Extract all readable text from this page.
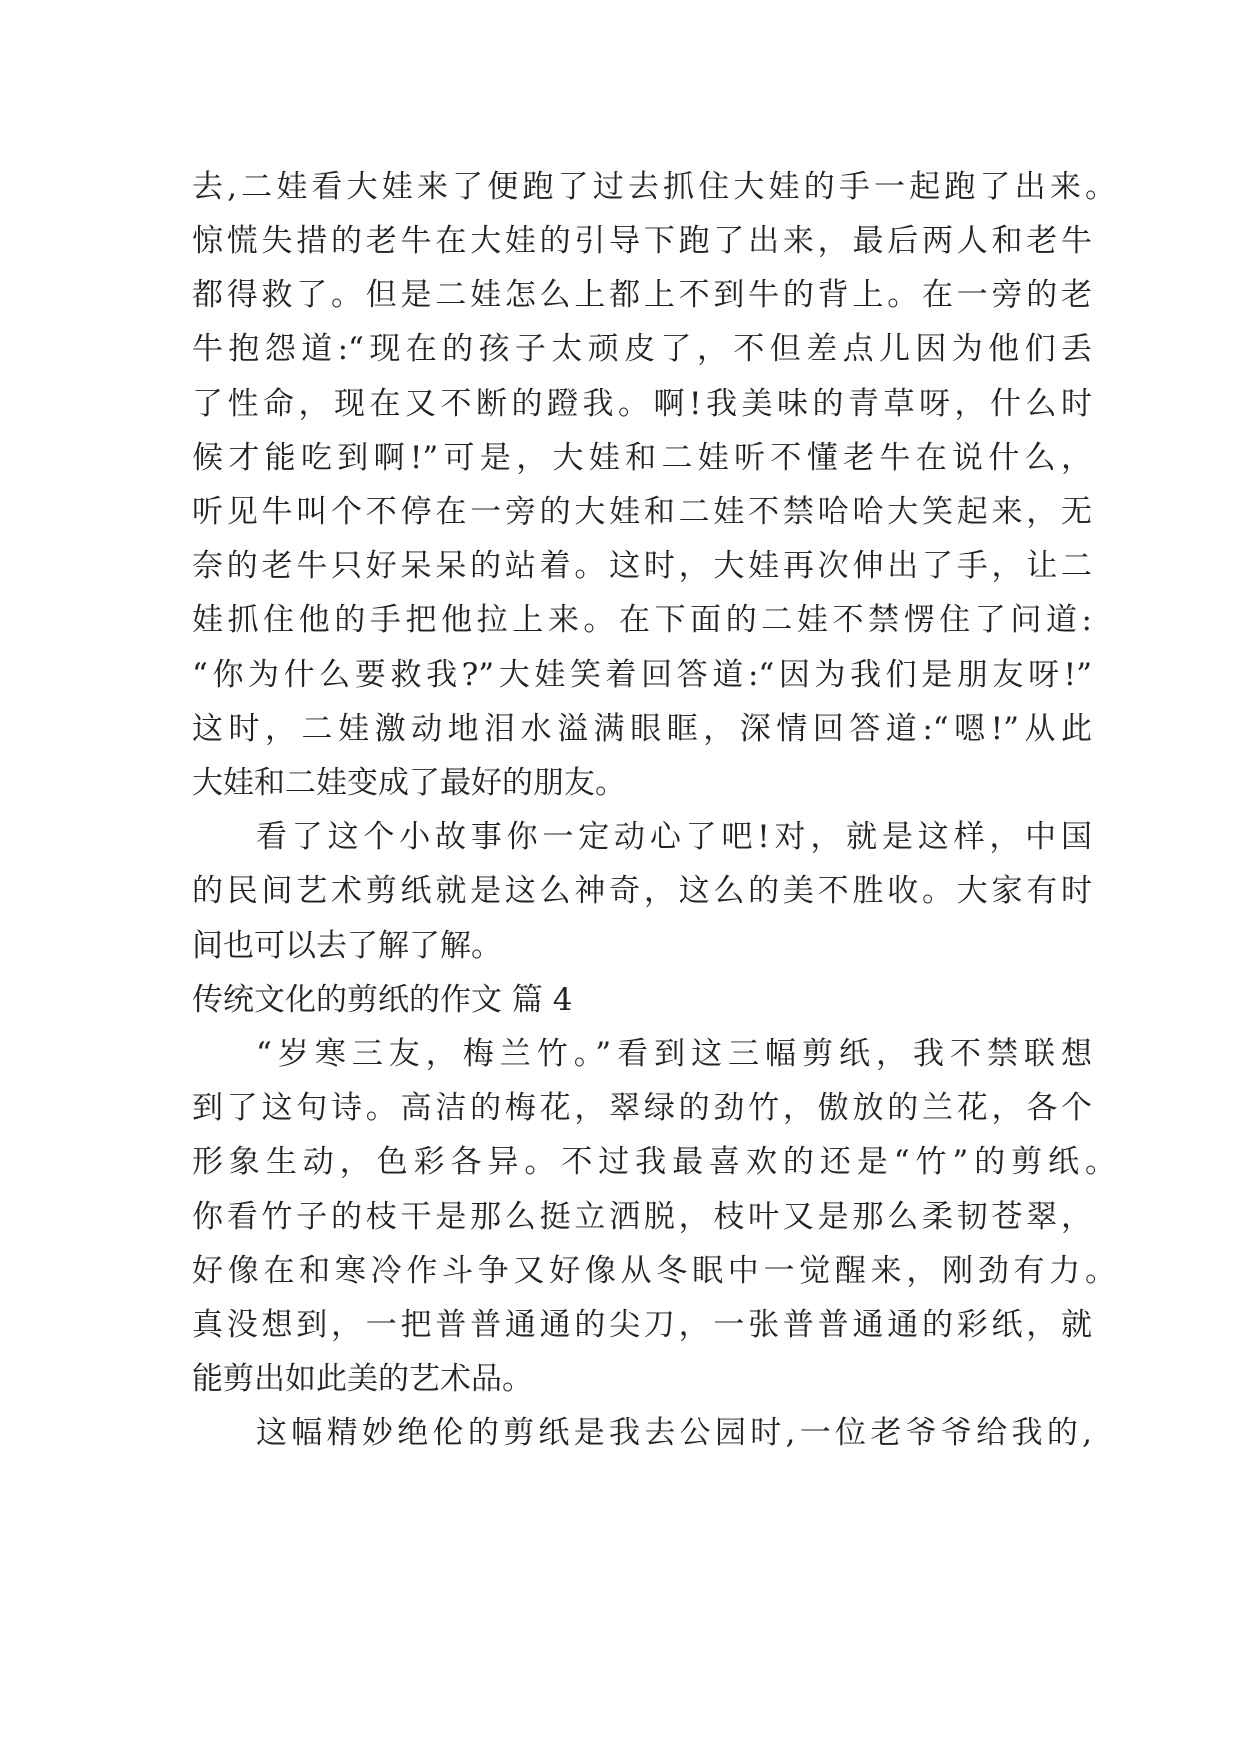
去,二娃看大娃来了便跑了过去抓住大娃的手一起跑了出来。
惊慌失措的老牛在大娃的引导下跑了出来，最后两人和老牛
都得救了。但是二娃怎么上都上不到牛的背上。在一旁的老
牛抱怨道:“现在的孩子太顽皮了，不但差点儿因为他们丢
了性命，现在又不断的蹬我。啊!我美味的青草呀，什么时
候才能吃到啊!”可是，大娃和二娃听不懂老牛在说什么，
听见牛叫个不停在一旁的大娃和二娃不禁哈哈大笑起来，无
奈的老牛只好呆呆的站着。这时，大娃再次伸出了手，让二
娃抓住他的手把他拉上来。在下面的二娃不禁愣住了问道:
“你为什么要救我?”大娃笑着回答道:“因为我们是朋友呀!”
这时，二娃激动地泪水溢满眼眶，深情回答道:“嗯!”从此
大娃和二娃变成了最好的朋友。
看了这个小故事你一定动心了吧!对，就是这样，中国
的民间艺术剪纸就是这么神奇，这么的美不胜收。大家有时
间也可以去了解了解。
传统文化的剪纸的作文 篇 4
“岁寒三友，梅兰竹。”看到这三幅剪纸，我不禁联想
到了这句诗。高洁的梅花，翠绿的劲竹，傲放的兰花，各个
形象生动，色彩各异。不过我最喜欢的还是“竹”的剪纸。
你看竹子的枝干是那么挺立洒脱，枝叶又是那么柔韧苍翠，
好像在和寒冷作斗争又好像从冬眠中一觉醒来，刚劲有力。
真没想到，一把普普通通的尖刀，一张普普通通的彩纸，就
能剪出如此美的艺术品。
这幅精妙绝伦的剪纸是我去公园时,一位老爷爷给我的,
